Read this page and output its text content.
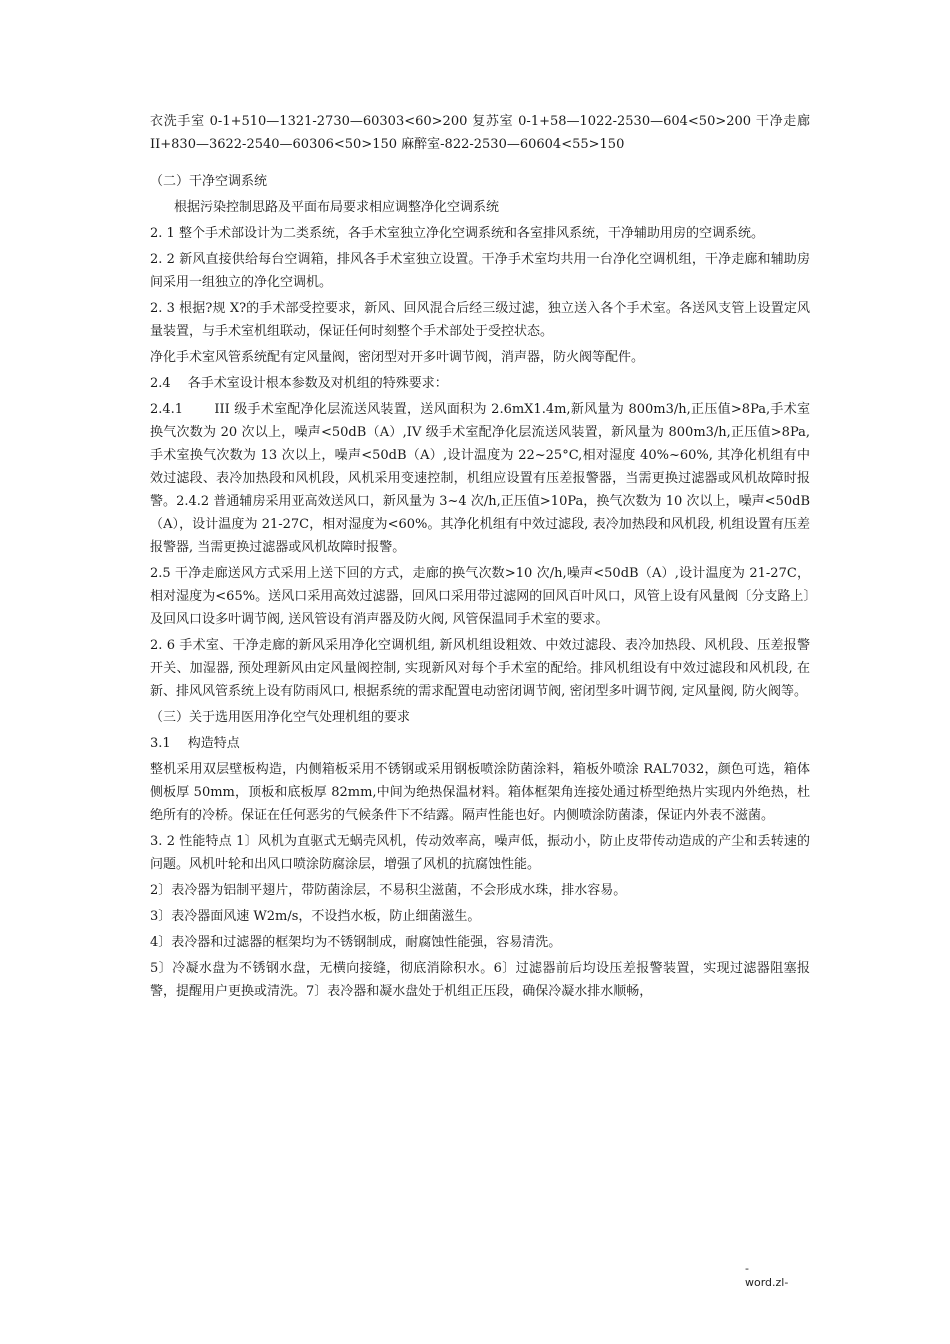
衣洗手室 0-1+510—1321-2730—60303<60>200 复苏室 0-1+58—1022-2530—604<50>200 干净走廊 II+830—3622-2540—60306<50>150 麻醉室-822-2530—60604<55>150

（二）干净空调系统

根据污染控制思路及平面布局要求相应调整净化空调系统

2. 1 整个手术部设计为二类系统，各手术室独立净化空调系统和各室排风系统，干净辅助用房的空调系统。

2. 2 新风直接供给每台空调箱，排风各手术室独立设置。干净手术室均共用一台净化空调机组，干净走廊和辅助房间采用一组独立的净化空调机。

2. 3 根据?规 X?的手术部受控要求，新风、回风混合后经三级过滤，独立送入各个手术室。各送风支管上设置定风量装置，与手术室机组联动，保证任何时刻整个手术部处于受控状态。

净化手术室风管系统配有定风量阀，密闭型对开多叶调节阀，消声器，防火阀等配件。

2.4　 各手术室设计根本参数及对机组的特殊要求：

2.4.1　　 III 级手术室配净化层流送风装置，送风面积为 2.6mX1.4m,新风量为 800m3/h,正压值>8Pa,手术室换气次数为 20 次以上，噪声<50dB（A）,IV 级手术室配净化层流送风装置，新风量为 800m3/h,正压值>8Pa,手术室换气次数为 13 次以上，噪声<50dB（A）,设计温度为 22~25°C,相对湿度 40%~60%, 其净化机组有中效过滤段、表冷加热段和风机段，风机采用变速控制，机组应设置有压差报警器，当需更换过滤器或风机故障时报警。2.4.2 普通辅房采用亚高效送风口，新风量为 3~4 次/h,正压值>10Pa，换气次数为 10 次以上，噪声<50dB（A），设计温度为 21-27C，相对湿度为<60%。其净化机组有中效过滤段, 表冷加热段和风机段, 机组设置有压差报警器, 当需更换过滤器或风机故障时报警。

2.5 干净走廊送风方式采用上送下回的方式，走廊的换气次数>10 次/h,噪声<50dB（A）,设计温度为 21-27C，相对湿度为<65%。送风口采用高效过滤器，回风口采用带过滤网的回风百叶风口，风管上设有风量阀〔分支路上〕及回风口设多叶调节阀, 送风管设有消声器及防火阀, 风管保温同手术室的要求。

2. 6 手术室、干净走廊的新风采用净化空调机组, 新风机组设粗效、中效过滤段、表冷加热段、风机段、压差报警开关、加湿器, 预处理新风由定风量阀控制, 实现新风对每个手术室的配给。排风机组设有中效过滤段和风机段, 在新、排风风管系统上设有防雨风口, 根据系统的需求配置电动密闭调节阀, 密闭型多叶调节阀, 定风量阀, 防火阀等。

（三）关于选用医用净化空气处理机组的要求

3.1　 构造特点

整机采用双层壁板构造，内侧箱板采用不锈钢或采用钢板喷涂防菌涂料，箱板外喷涂 RAL7032，颜色可选，箱体侧板厚 50mm，顶板和底板厚 82mm,中间为绝热保温材料。箱体框架角连接处通过桥型绝热片实现内外绝热，杜绝所有的冷桥。保证在任何恶劣的气候条件下不结露。隔声性能也好。内侧喷涂防菌漆，保证内外表不滋菌。

3. 2 性能特点 1〕风机为直驱式无蜗壳风机，传动效率高，噪声低，振动小，防止皮带传动造成的产尘和丢转速的问题。风机叶轮和出风口喷涂防腐涂层，增强了风机的抗腐蚀性能。

2〕表冷器为铝制平翅片，带防菌涂层，不易积尘滋菌，不会形成水珠，排水容易。

3〕表冷器面风速 W2m/s，不设挡水板，防止细菌滋生。

4〕表冷器和过滤器的框架均为不锈钢制成，耐腐蚀性能强，容易清洗。

5〕冷凝水盘为不锈钢水盘，无横向接缝，彻底消除积水。6〕过滤器前后均设压差报警装置，实现过滤器阻塞报警，提醒用户更换或清洗。7〕表冷器和凝水盘处于机组正压段，确保冷凝水排水顺畅，

-
word.zl-
